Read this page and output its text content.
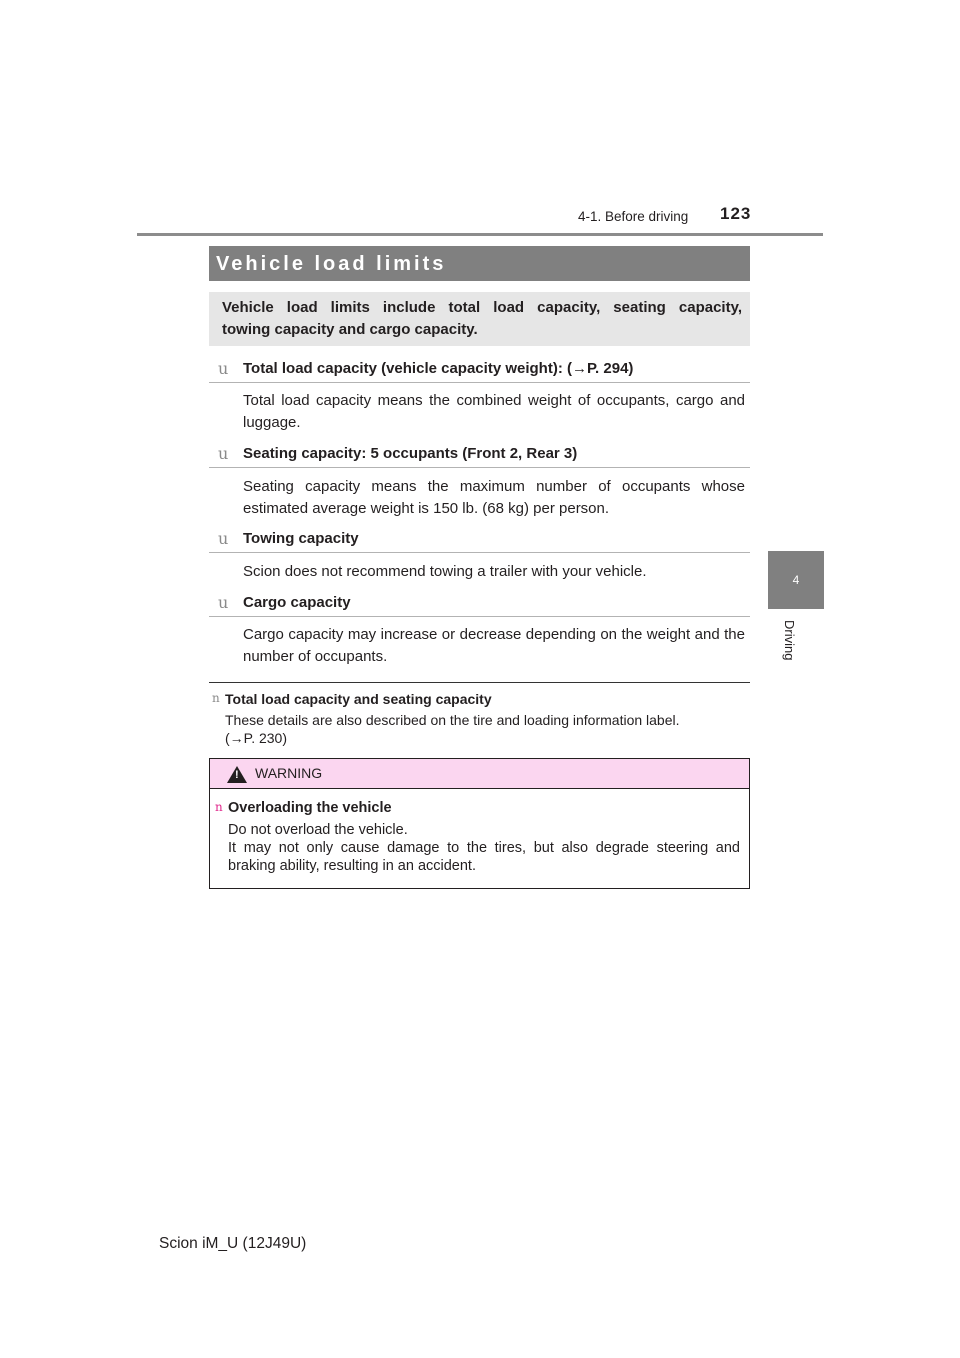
4-1. Before driving 123
4
Driving
Vehicle load limits
Vehicle load limits include total load capacity, seating capacity,
towing capacity and cargo capacity.
u Total load capacity (vehicle capacity weight): (→P. 294)
Total load capacity means the combined weight of occupants, cargo and luggage.
u Seating capacity: 5 occupants (Front 2, Rear 3)
Seating capacity means the maximum number of occupants whose estimated average weight is 150 lb. (68 kg) per person.
u Towing capacity
Scion does not recommend towing a trailer with your vehicle.
u Cargo capacity
Cargo capacity may increase or decrease depending on the weight and the number of occupants.
n Total load capacity and seating capacity
These details are also described on the tire and loading information label.
(→P. 230)
!
WARNING
n Overloading the vehicle
Do not overload the vehicle.
It may not only cause damage to the tires, but also degrade steering and braking ability, resulting in an accident.
Scion iM_U (12J49U)
